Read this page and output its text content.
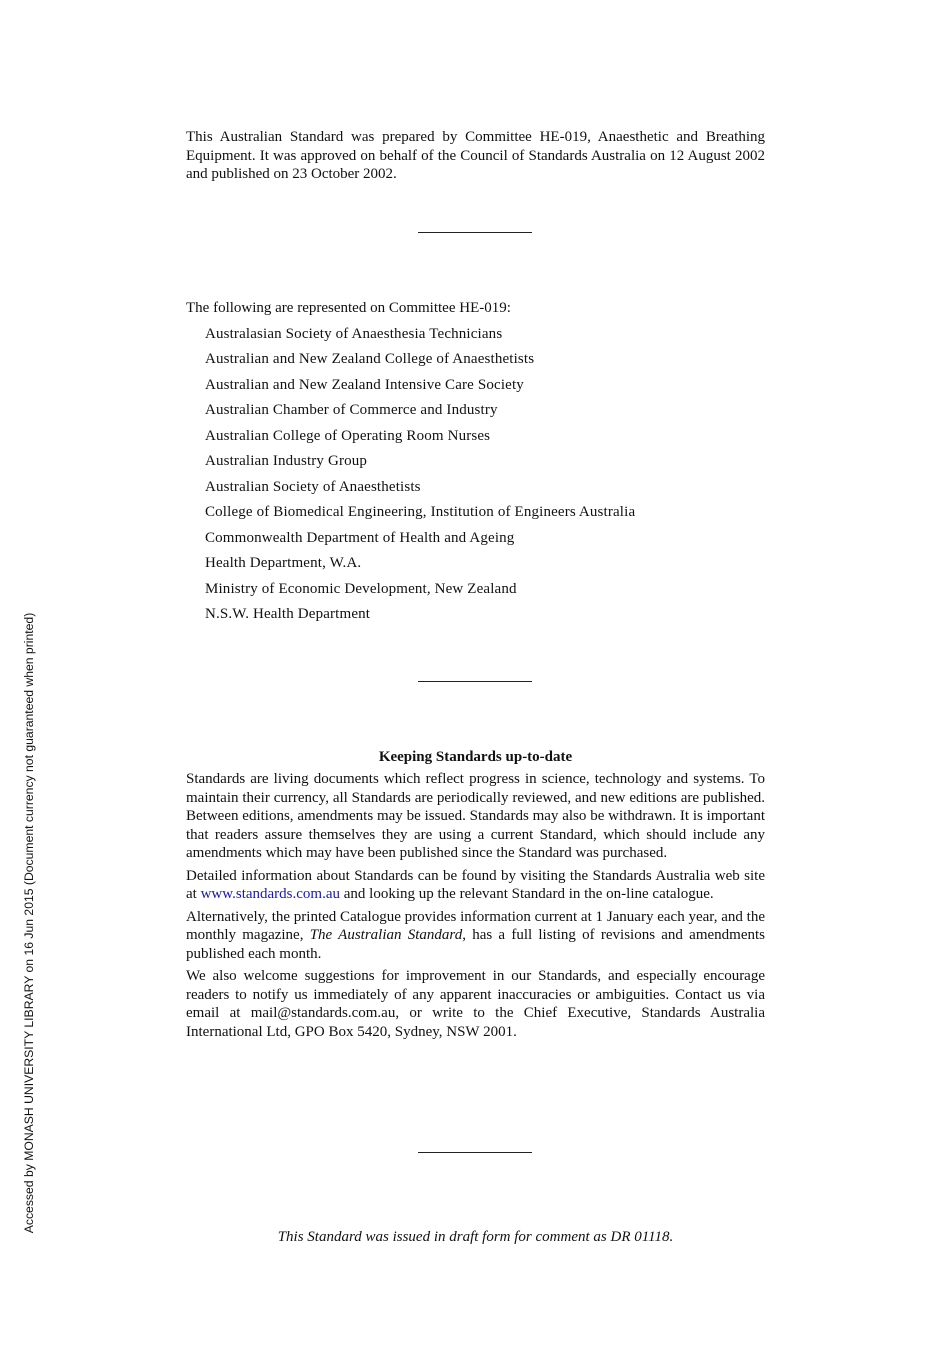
This Australian Standard was prepared by Committee HE-019, Anaesthetic and Breathing Equipment. It was approved on behalf of the Council of Standards Australia on 12 August 2002 and published on 23 October 2002.

The following are represented on Committee HE-019:

Australasian Society of Anaesthesia Technicians
Australian and New Zealand College of Anaesthetists
Australian and New Zealand Intensive Care Society
Australian Chamber of Commerce and Industry
Australian College of Operating Room Nurses
Australian Industry Group
Australian Society of Anaesthetists
College of Biomedical Engineering, Institution of Engineers Australia
Commonwealth Department of Health and Ageing
Health Department, W.A.
Ministry of Economic Development, New Zealand
N.S.W. Health Department
Keeping Standards up-to-date

Standards are living documents which reflect progress in science, technology and systems. To maintain their currency, all Standards are periodically reviewed, and new editions are published. Between editions, amendments may be issued. Standards may also be withdrawn. It is important that readers assure themselves they are using a current Standard, which should include any amendments which may have been published since the Standard was purchased.

Detailed information about Standards can be found by visiting the Standards Australia web site at www.standards.com.au and looking up the relevant Standard in the on-line catalogue.

Alternatively, the printed Catalogue provides information current at 1 January each year, and the monthly magazine, The Australian Standard, has a full listing of revisions and amendments published each month.

We also welcome suggestions for improvement in our Standards, and especially encourage readers to notify us immediately of any apparent inaccuracies or ambiguities. Contact us via email at mail@standards.com.au, or write to the Chief Executive, Standards Australia International Ltd, GPO Box 5420, Sydney, NSW 2001.

This Standard was issued in draft form for comment as DR 01118.
Accessed by MONASH UNIVERSITY LIBRARY on 16 Jun 2015 (Document currency not guaranteed when printed)
